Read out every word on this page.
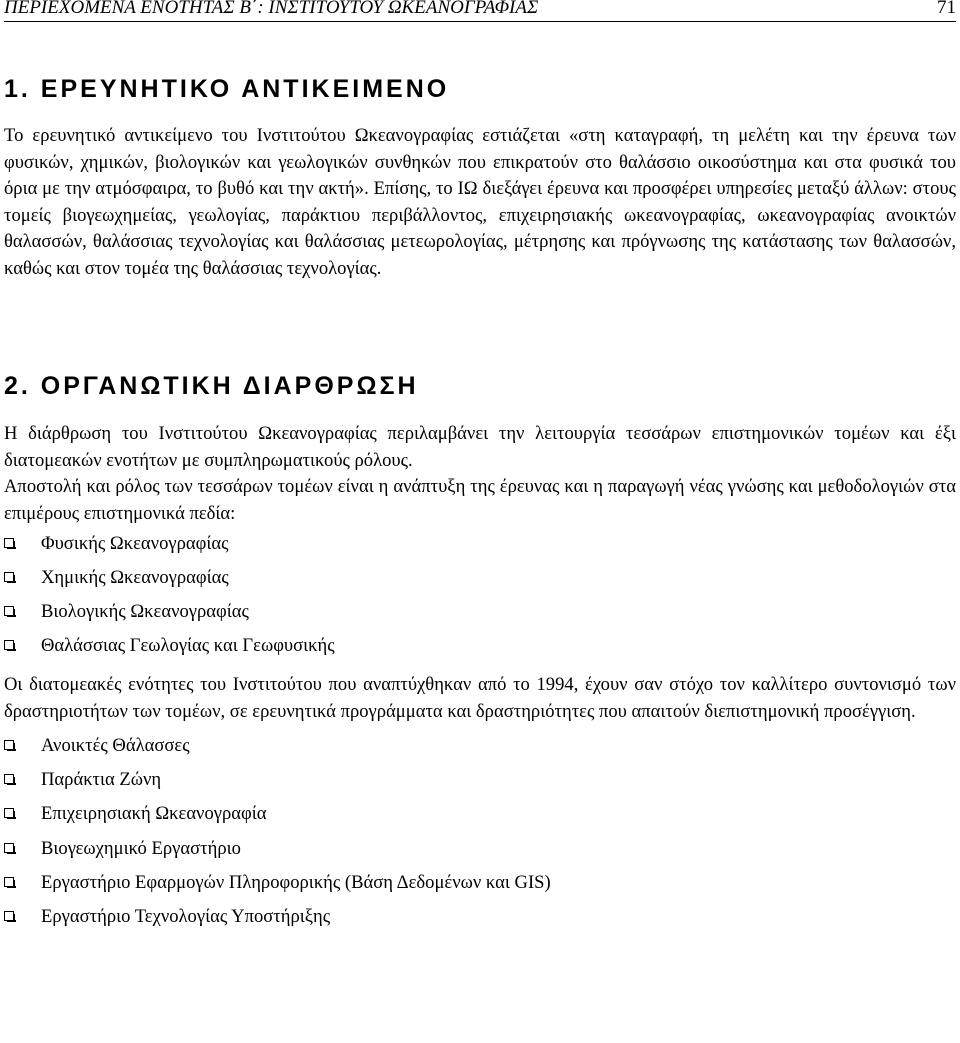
ΠΕΡΙΕΧΟΜΕΝΑ ΕΝΟΤΗΤΑΣ Β΄: ΙΝΣΤΙΤΟΥΤΟΥ ΩΚΕΑΝΟΓΡΑΦΙΑΣ	71
1. ΕΡΕΥΝΗΤΙΚΟ ΑΝΤΙΚΕΙΜΕΝΟ

Το ερευνητικό αντικείμενο του Ινστιτούτου Ωκεανογραφίας εστιάζεται «στη καταγραφή, τη μελέτη και την έρευνα των φυσικών, χημικών, βιολογικών και γεωλογικών συνθηκών που επικρατούν στο θαλάσσιο οικοσύστημα και στα φυσικά του όρια με την ατμόσφαιρα, το βυθό και την ακτή». Επίσης, το ΙΩ διεξάγει έρευνα και προσφέρει υπηρεσίες μεταξύ άλλων: στους τομείς βιογεωχημείας, γεωλογίας, παράκτιου περιβάλλοντος, επιχειρησιακής ωκεανογραφίας, ωκεανογραφίας ανοικτών θαλασσών, θαλάσσιας τεχνολογίας και θαλάσσιας μετεωρολογίας, μέτρησης και πρόγνωσης της κατάστασης των θαλασσών, καθώς και στον τομέα της θαλάσσιας τεχνολογίας.

2. ΟΡΓΑΝΩΤΙΚΗ ΔΙΑΡΘΡΩΣΗ

Η διάρθρωση του Ινστιτούτου Ωκεανογραφίας περιλαμβάνει την λειτουργία τεσσάρων επιστημονικών τομέων και έξι διατομεακών ενοτήτων με συμπληρωματικούς ρόλους.

Αποστολή και ρόλος των τεσσάρων τομέων είναι η ανάπτυξη της έρευνας και η παραγωγή νέας γνώσης και μεθοδολογιών στα επιμέρους επιστημονικά πεδία:

Φυσικής Ωκεανογραφίας
Χημικής Ωκεανογραφίας
Βιολογικής Ωκεανογραφίας
Θαλάσσιας Γεωλογίας και Γεωφυσικής

Οι διατομεακές ενότητες του Ινστιτούτου που αναπτύχθηκαν από το 1994, έχουν σαν στόχο τον καλλίτερο συντονισμό των δραστηριοτήτων των τομέων, σε ερευνητικά προγράμματα και δραστηριότητες που απαιτούν διεπιστημονική προσέγγιση.

Ανοικτές Θάλασσες
Παράκτια Ζώνη
Επιχειρησιακή Ωκεανογραφία
Βιογεωχημικό Εργαστήριο
Εργαστήριο Εφαρμογών Πληροφορικής (Βάση Δεδομένων και GIS)
Εργαστήριο Τεχνολογίας Υποστήριξης
